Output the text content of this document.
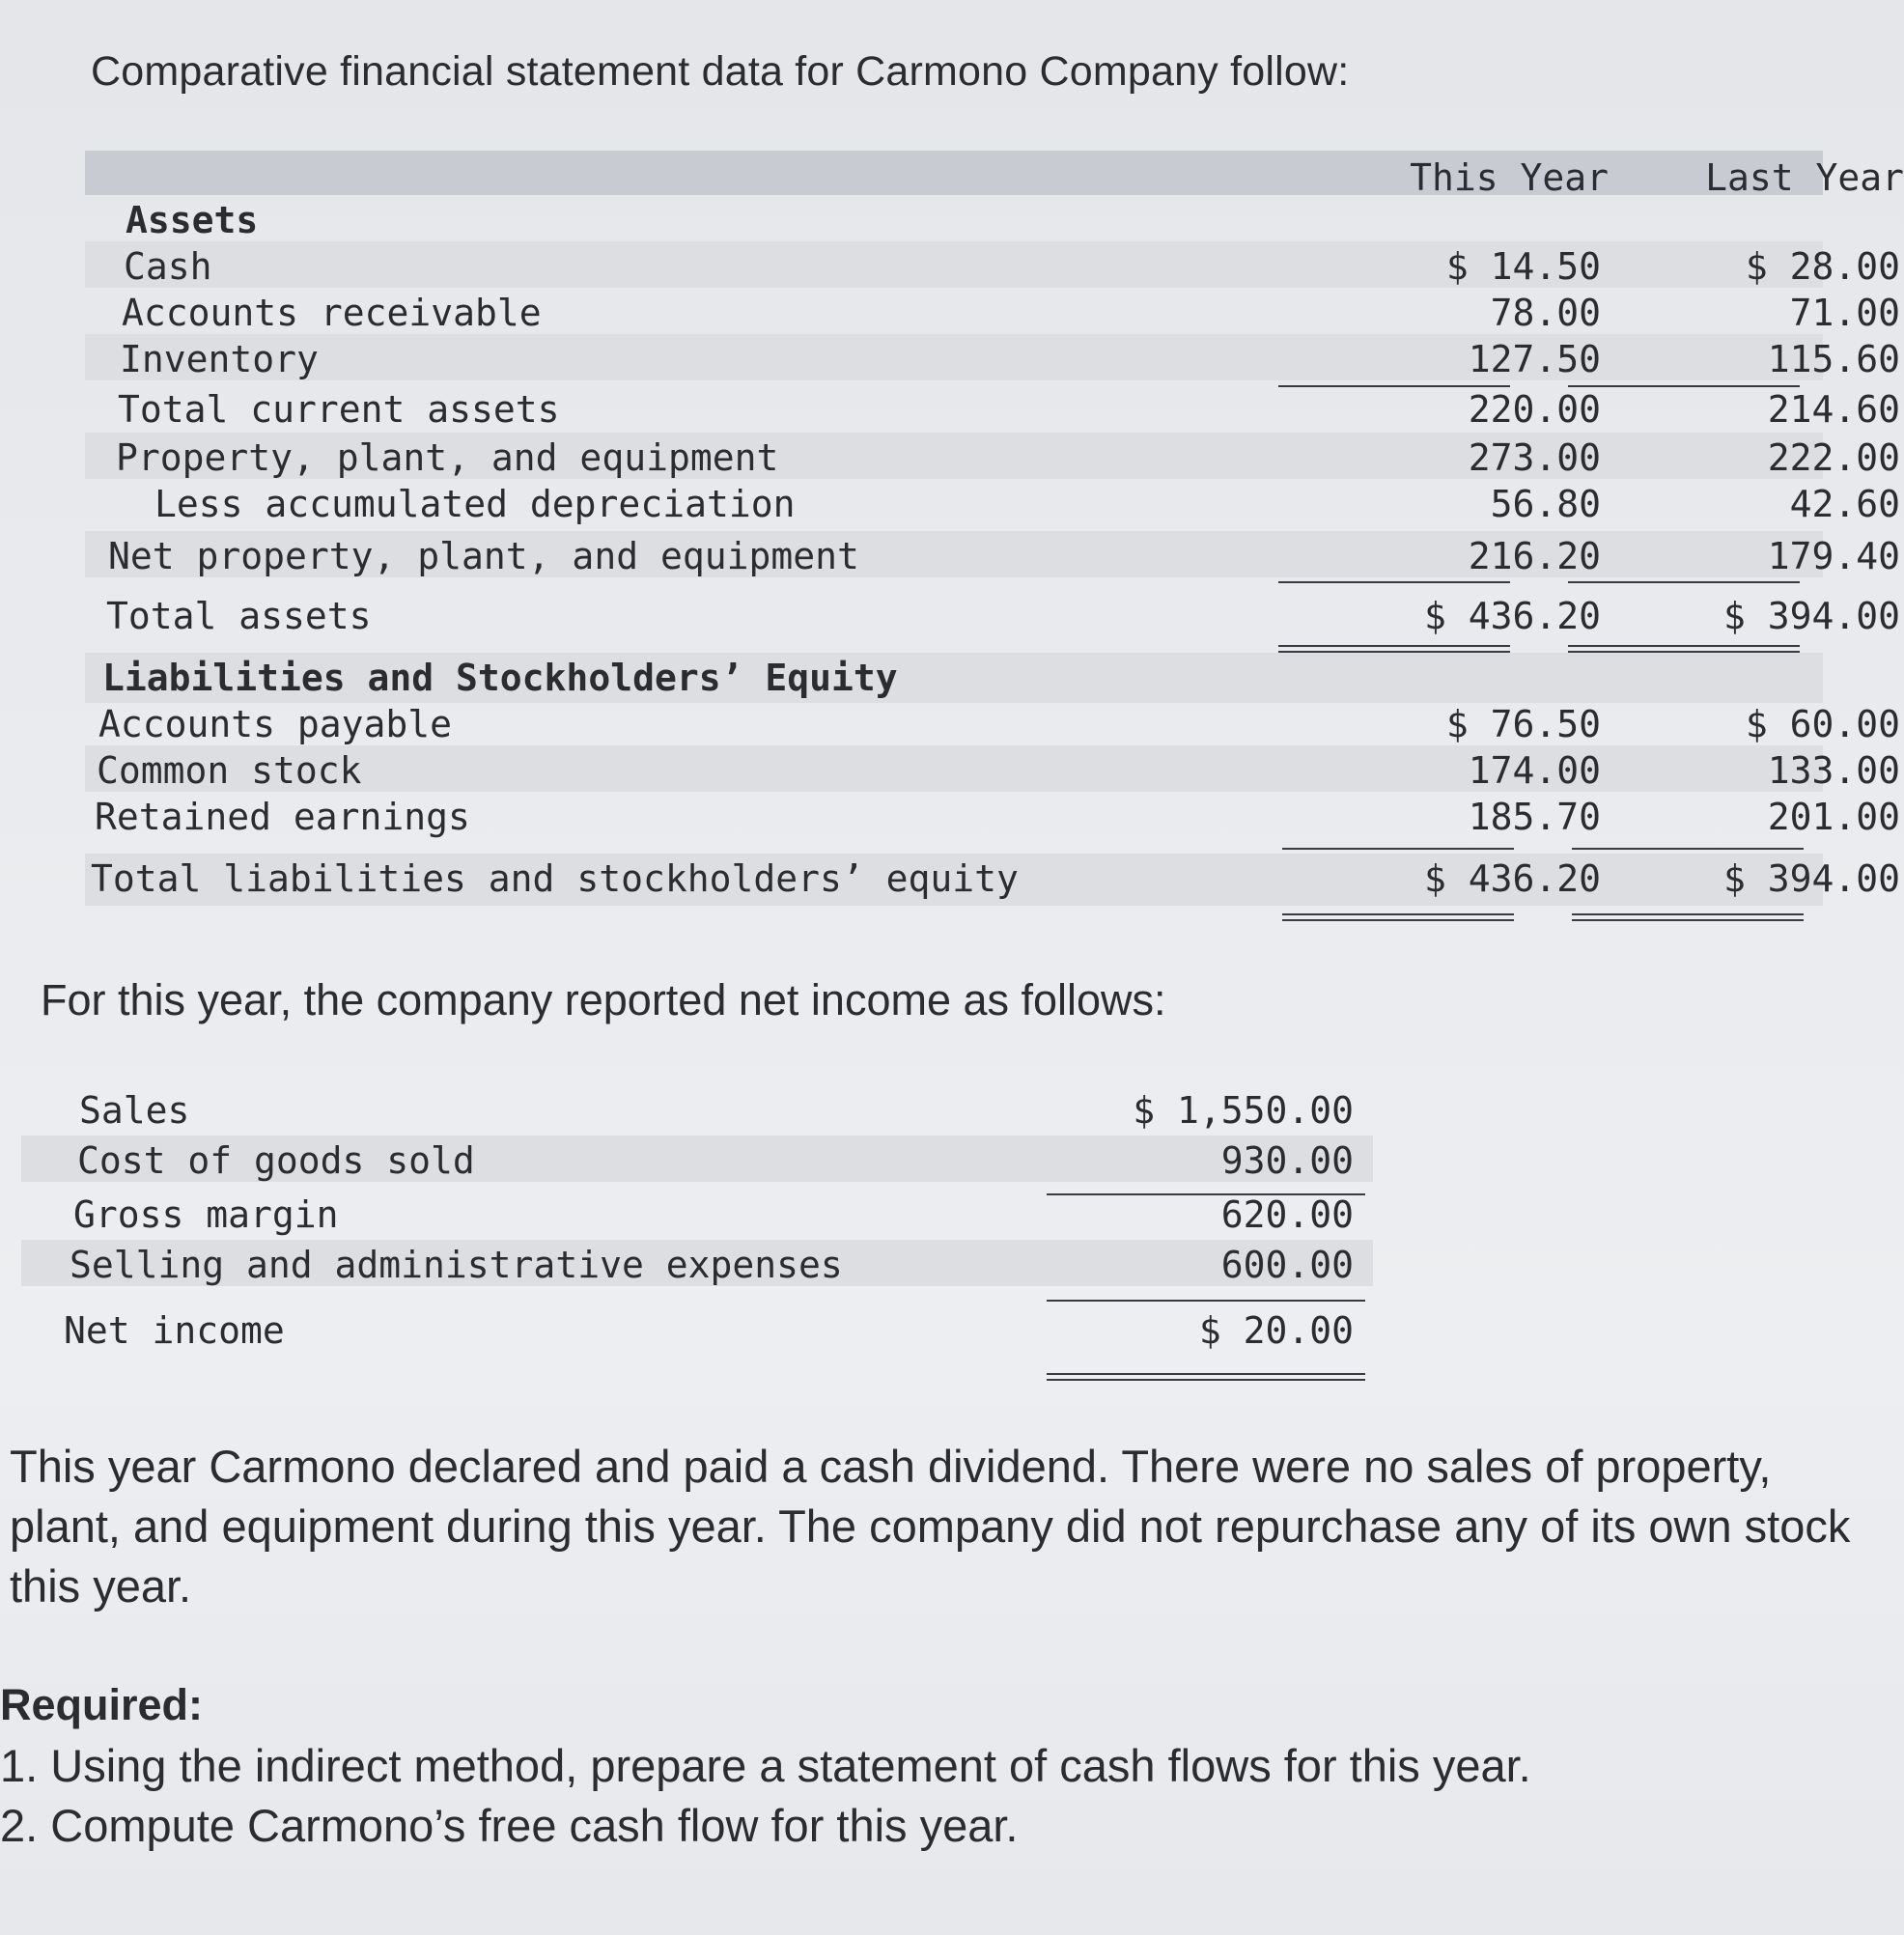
Comparative financial statement data for Carmono Company follow:
This Year	Last Year
Assets
Cash	$ 14.50	$ 28.00
Accounts receivable	78.00	71.00
Inventory	127.50	115.60
Total current assets	220.00	214.60
Property, plant, and equipment	273.00	222.00
Less accumulated depreciation	56.80	42.60
Net property, plant, and equipment	216.20	179.40
Total assets	$ 436.20	$ 394.00
Liabilities and Stockholders’ Equity
Accounts payable	$ 76.50	$ 60.00
Common stock	174.00	133.00
Retained earnings	185.70	201.00
Total liabilities and stockholders’ equity	$ 436.20	$ 394.00

For this year, the company reported net income as follows:

Sales	$ 1,550.00
Cost of goods sold	930.00
Gross margin	620.00
Selling and administrative expenses	600.00
Net income	$ 20.00

This year Carmono declared and paid a cash dividend. There were no sales of property, plant, and equipment during this year. The company did not repurchase any of its own stock this year.

Required:

1. Using the indirect method, prepare a statement of cash flows for this year.

2. Compute Carmono’s free cash flow for this year.
